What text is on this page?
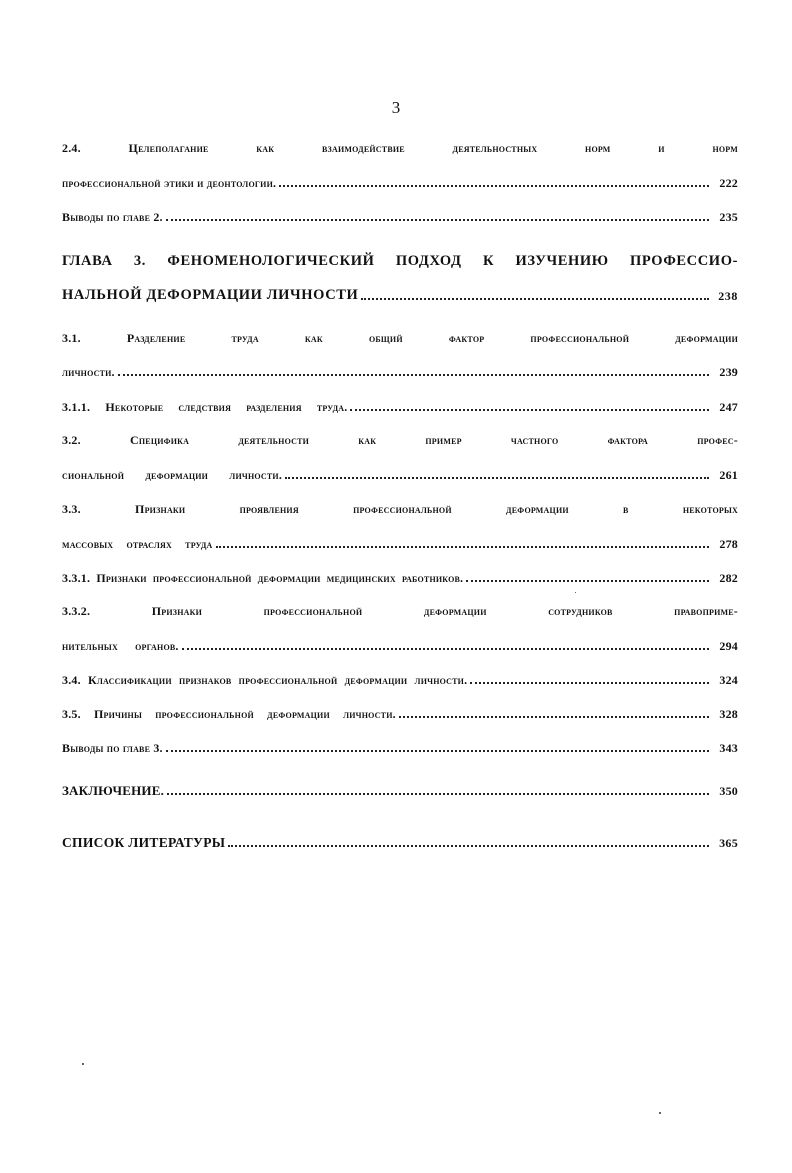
3
2.4. Целеполагание как взаимодействие деятельностных норм и норм
профессиональной этики и деонтологии.	222
Выводы по главе 2.	235
ГЛАВА 3. ФЕНОМЕНОЛОГИЧЕСКИЙ ПОДХОД К ИЗУЧЕНИЮ ПРОФЕССИО-
НАЛЬНОЙ ДЕФОРМАЦИИ ЛИЧНОСТИ	238
3.1. Разделение труда как общий фактор профессиональной деформации
личности.	239
3.1.1. Некоторые следствия разделения труда.	247
3.2. Специфика деятельности как пример частного фактора профес-
сиональной деформации личности.	261
3.3. Признаки проявления профессиональной деформации в некоторых
массовых отраслях труда	278
3.3.1. Признаки профессиональной деформации медицинских работников.	282
3.3.2. Признаки профессиональной деформации сотрудников правоприме-
нительных органов.	294
3.4. Классификации признаков профессиональной деформации личности.	324
3.5. Причины профессиональной деформации личности.	328
Выводы по главе 3.	343
ЗАКЛЮЧЕНИЕ.	350
СПИСОК ЛИТЕРАТУРЫ	365
